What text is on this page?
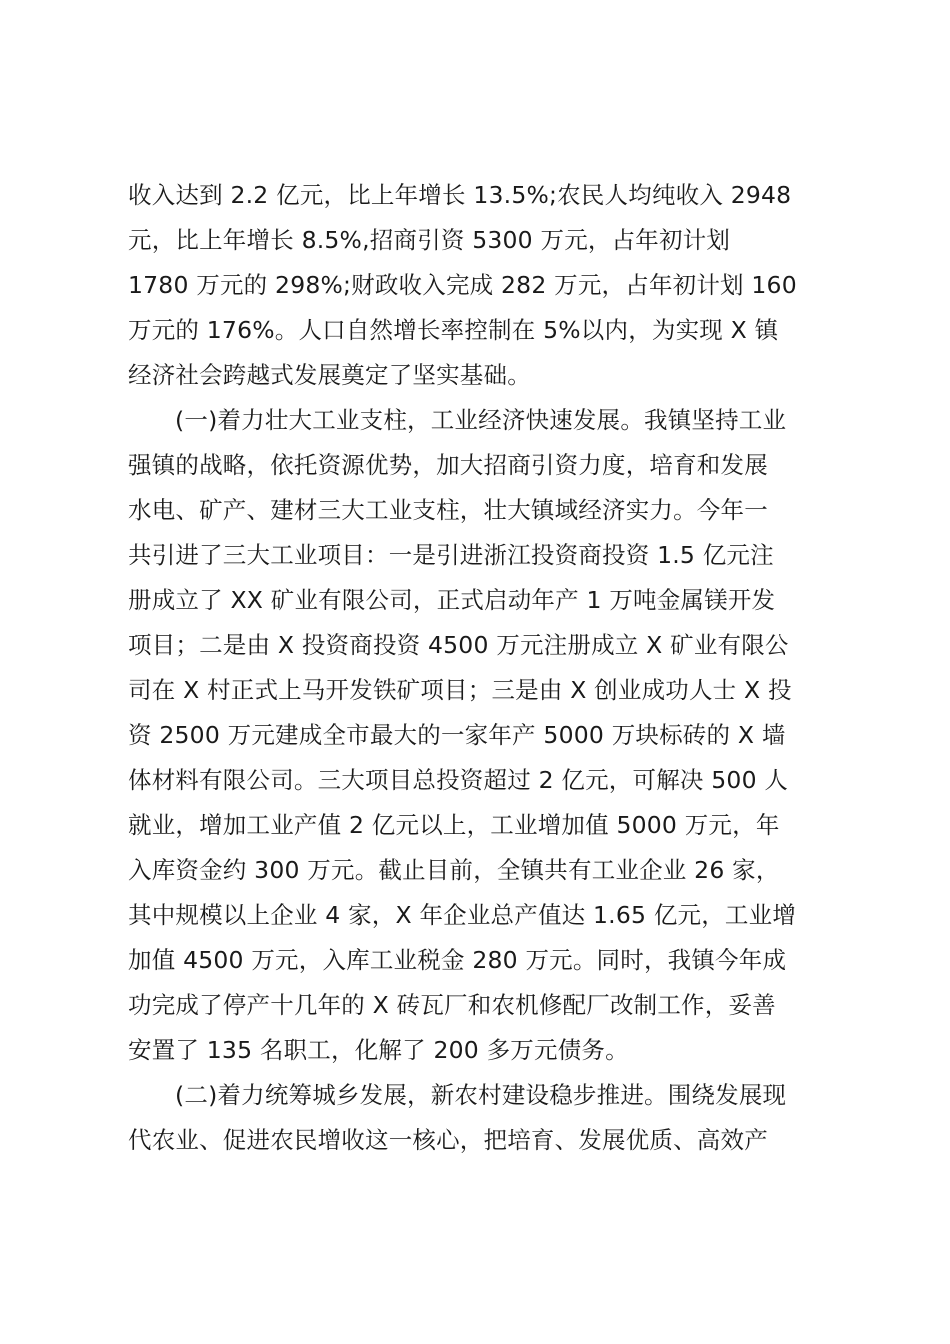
收入达到 2.2 亿元，比上年增长 13.5%;农民人均纯收入 2948
元，比上年增长 8.5%,招商引资 5300 万元，占年初计划
1780 万元的 298%;财政收入完成 282 万元，占年初计划 160
万元的 176%。人口自然增长率控制在 5%以内，为实现 X 镇
经济社会跨越式发展奠定了坚实基础。
(一)着力壮大工业支柱，工业经济快速发展。我镇坚持工业
强镇的战略，依托资源优势，加大招商引资力度，培育和发展
水电、矿产、建材三大工业支柱，壮大镇域经济实力。今年一
共引进了三大工业项目：一是引进浙江投资商投资 1.5 亿元注
册成立了 XX 矿业有限公司，正式启动年产 1 万吨金属镁开发
项目；二是由 X 投资商投资 4500 万元注册成立 X 矿业有限公
司在 X 村正式上马开发铁矿项目；三是由 X 创业成功人士 X 投
资 2500 万元建成全市最大的一家年产 5000 万块标砖的 X 墙
体材料有限公司。三大项目总投资超过 2 亿元，可解决 500 人
就业，增加工业产值 2 亿元以上，工业增加值 5000 万元，年
入库资金约 300 万元。截止目前，全镇共有工业企业 26 家，
其中规模以上企业 4 家，X 年企业总产值达 1.65 亿元，工业增
加值 4500 万元，入库工业税金 280 万元。同时，我镇今年成
功完成了停产十几年的 X 砖瓦厂和农机修配厂改制工作，妥善
安置了 135 名职工，化解了 200 多万元债务。
(二)着力统筹城乡发展，新农村建设稳步推进。围绕发展现
代农业、促进农民增收这一核心，把培育、发展优质、高效产
